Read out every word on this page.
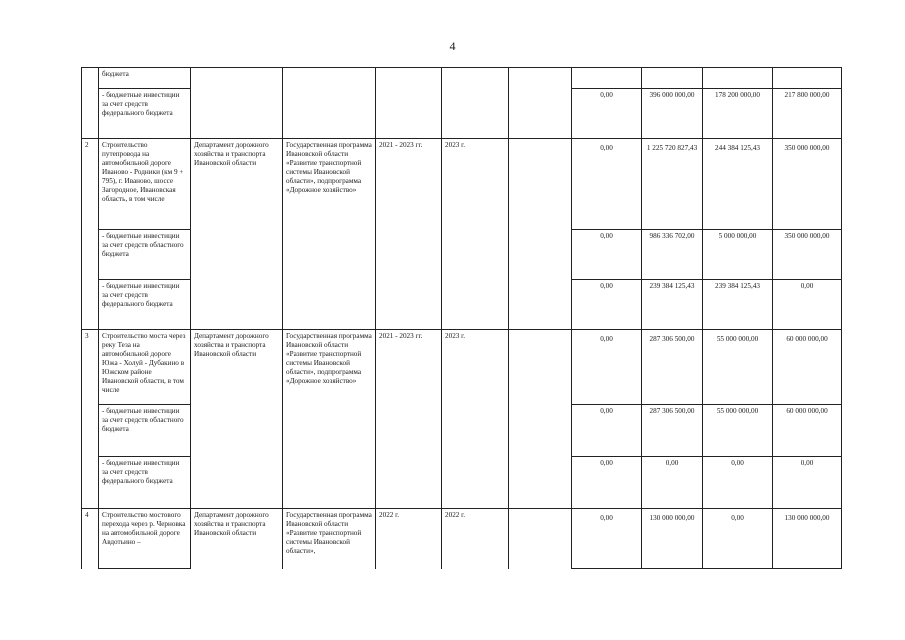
4
	бюджета										
	- бюджетные инвестиции за счет средств федерального бюджета						0,00	396 000 000,00	178 200 000,00	217 800 000,00	
2	Строительство путепровода на автомобильной дороге Иваново - Родники (км 9 + 795), г. Иваново, шоссе Загородное, Ивановская область, в том числе	Департамент дорожного хозяйства и транспорта Ивановской области	Государственная программа Ивановской области «Развитие транспортной системы Ивановской области», подпрограмма «Дорожное хозяйство»	2021 - 2023 гг.	2023 г.		0,00	1 225 720 827,43	244 384 125,43	350 000 000,00	
	- бюджетные инвестиции за счет средств областного бюджета						0,00	986 336 702,00	5 000 000,00	350 000 000,00	
	- бюджетные инвестиции за счет средств федерального бюджета						0,00	239 384 125,43	239 384 125,43	0,00	
3	Строительство моста через реку Теза на автомобильной дороге Южа - Холуй - Дубакино в Южском районе Ивановской области, в том числе	Департамент дорожного хозяйства и транспорта Ивановской области	Государственная программа Ивановской области «Развитие транспортной системы Ивановской области», подпрограмма «Дорожное хозяйство»	2021 - 2023 гг.	2023 г.		0,00	287 306 500,00	55 000 000,00	60 000 000,00	
	- бюджетные инвестиции за счет средств областного бюджета						0,00	287 306 500,00	55 000 000,00	60 000 000,00	
	- бюджетные инвестиции за счет средств федерального бюджета						0,00	0,00	0,00	0,00	
4	Строительство мостового перехода через р. Черновка на автомобильной дороге Авдотьино –	Департамент дорожного хозяйства и транспорта Ивановской области	Государственная программа Ивановской области «Развитие транспортной системы Ивановской области»,	2022 г.	2022 г.		0,00	130 000 000,00	0,00	130 000 000,00	
